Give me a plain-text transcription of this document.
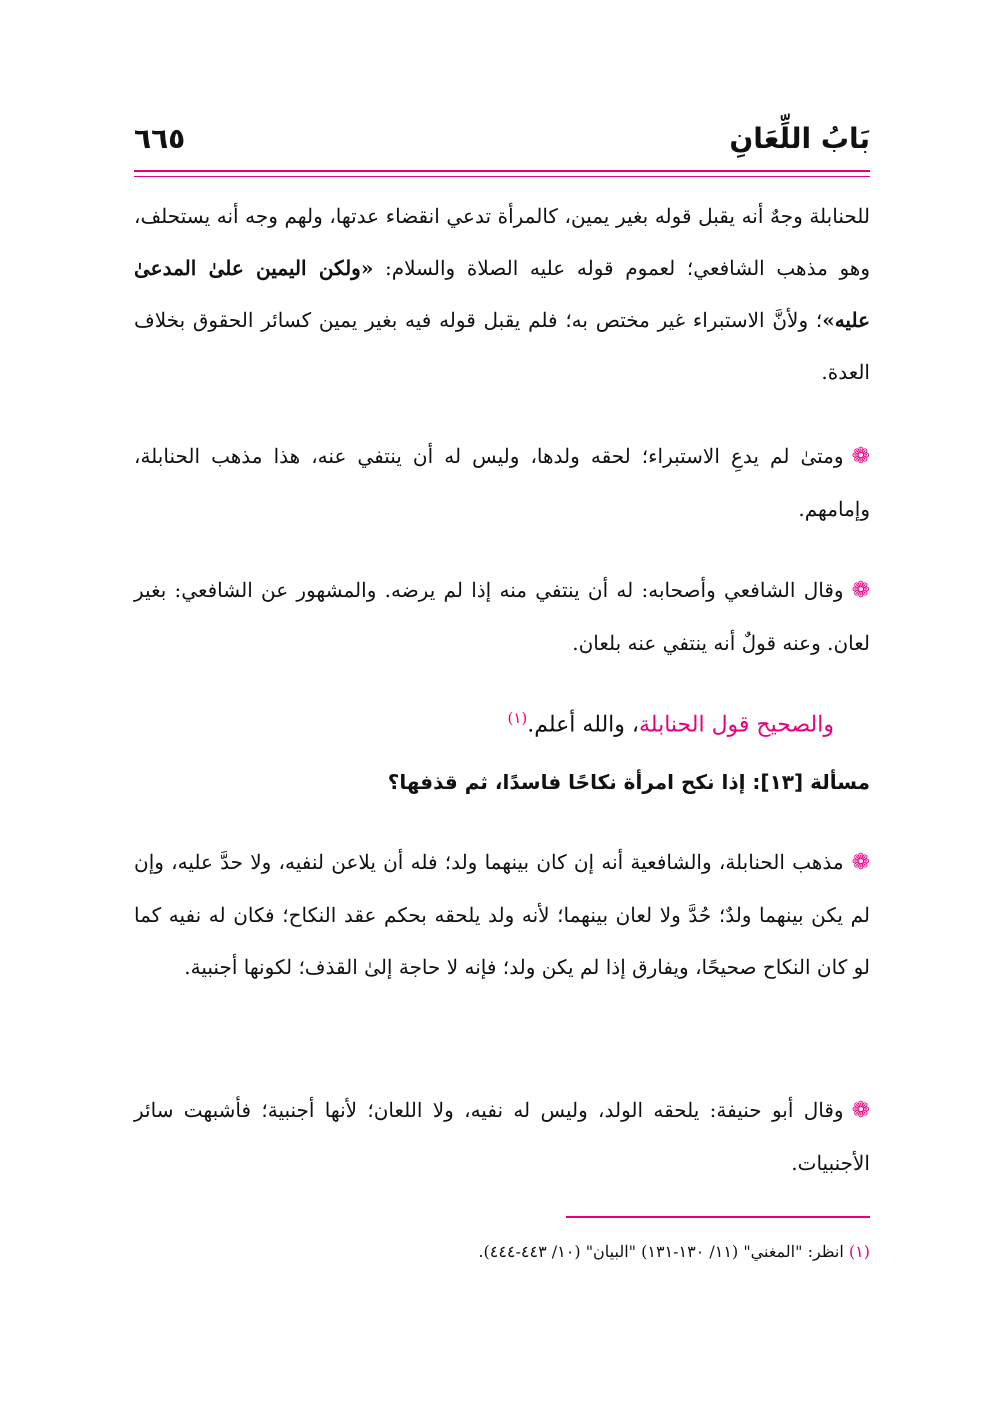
بَابُ اللِّعَانِ
٦٦٥
للحنابلة وجهٌ أنه يقبل قوله بغير يمين، كالمرأة تدعي انقضاء عدتها، ولهم وجه أنه يستحلف، وهو مذهب الشافعي؛ لعموم قوله عليه الصلاة والسلام: «ولكن اليمين علىٰ المدعىٰ عليه»؛ ولأنَّ الاستبراء غير مختص به؛ فلم يقبل قوله فيه بغير يمين كسائر الحقوق بخلاف العدة.
❁ومتىٰ لم يدعِ الاستبراء؛ لحقه ولدها، وليس له أن ينتفي عنه، هذا مذهب الحنابلة، وإمامهم.
❁وقال الشافعي وأصحابه: له أن ينتفي منه إذا لم يرضه. والمشهور عن الشافعي: بغير لعان. وعنه قولٌ أنه ينتفي عنه بلعان.
والصحيح قول الحنابلة، والله أعلم.$^{(١)}$
مسألة [١٣]: إذا نكح امرأة نكاحًا فاسدًا، ثم قذفها؟
❁مذهب الحنابلة، والشافعية أنه إن كان بينهما ولد؛ فله أن يلاعن لنفيه، ولا حدَّ عليه، وإن لم يكن بينهما ولدٌ؛ حُدَّ ولا لعان بينهما؛ لأنه ولد يلحقه بحكم عقد النكاح؛ فكان له نفيه كما لو كان النكاح صحيحًا، ويفارق إذا لم يكن ولد؛ فإنه لا حاجة إلىٰ القذف؛ لكونها أجنبية.
❁وقال أبو حنيفة: يلحقه الولد، وليس له نفيه، ولا اللعان؛ لأنها أجنبية؛ فأشبهت سائر الأجنبيات.
(١) انظر: "المغني" (١١/ ١٣٠-١٣١) "البيان" (١٠/ ٤٤٣-٤٤٤).
